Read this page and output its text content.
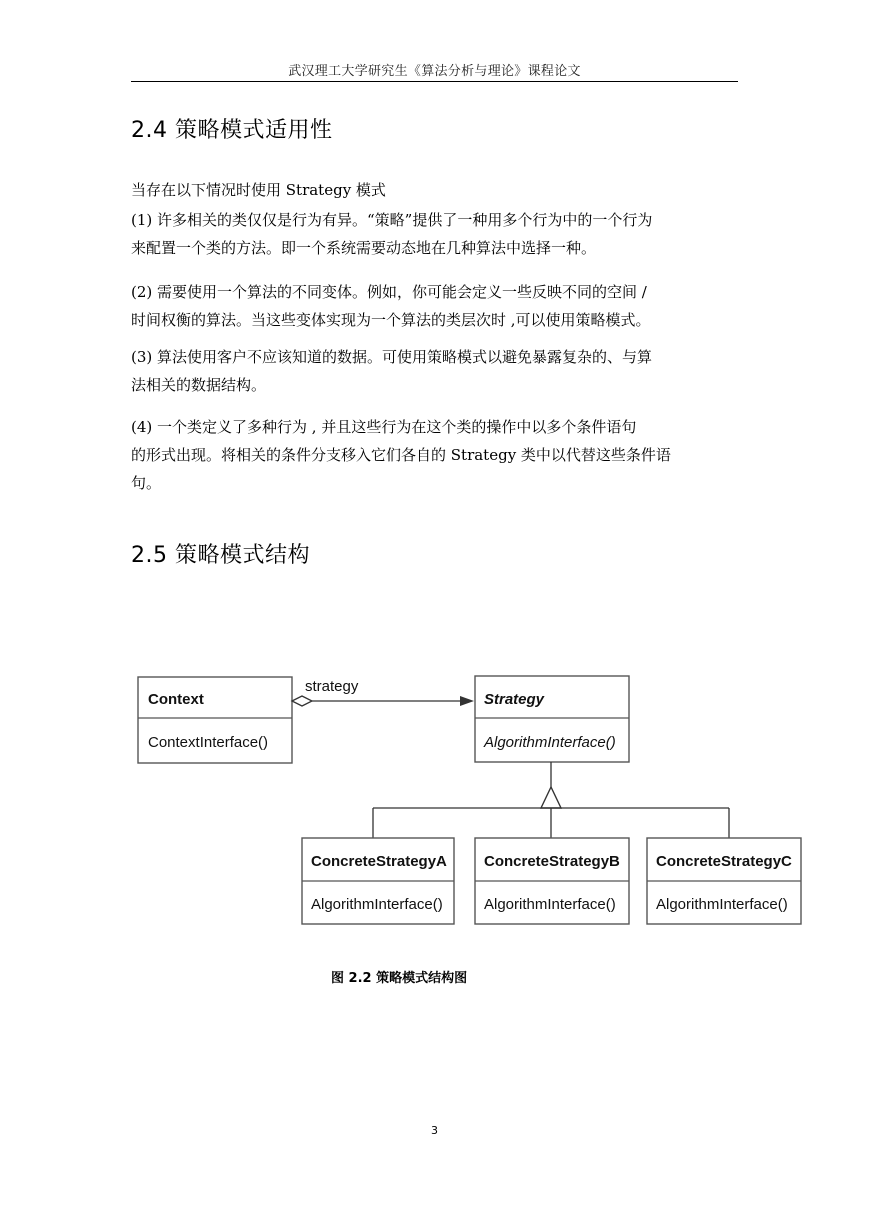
武汉理工大学研究生《算法分析与理论》课程论文
2.4 策略模式适用性
当存在以下情况时使用 Strategy 模式
(1) 许多相关的类仅仅是行为有异。“策略”提供了一种用多个行为中的一个行为
来配置一个类的方法。即一个系统需要动态地在几种算法中选择一种。
(2) 需要使用一个算法的不同变体。例如，你可能会定义一些反映不同的空间 /
时间权衡的算法。当这些变体实现为一个算法的类层次时 ,可以使用策略模式。
(3) 算法使用客户不应该知道的数据。可使用策略模式以避免暴露复杂的、与算
法相关的数据结构。
(4) 一个类定义了多种行为 , 并且这些行为在这个类的操作中以多个条件语句
的形式出现。将相关的条件分支移入它们各自的 Strategy 类中以代替这些条件语
句。
2.5 策略模式结构
Context
ContextInterface()
strategy
Strategy
AlgorithmInterface()
ConcreteStrategyA
AlgorithmInterface()
ConcreteStrategyB
AlgorithmInterface()
ConcreteStrategyC
AlgorithmInterface()
图 2.2 策略模式结构图
3
